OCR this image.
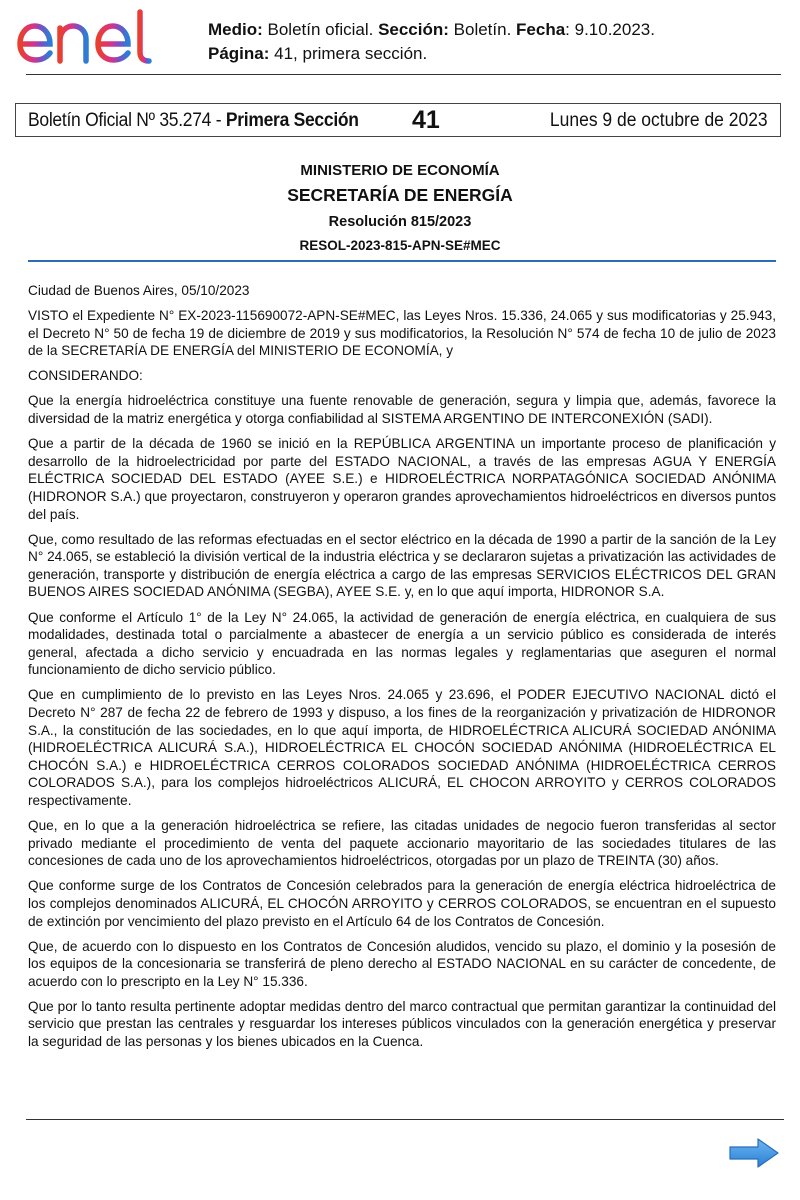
Medio: Boletín oficial. Sección: Boletín. Fecha: 9.10.2023.
Página: 41, primera sección.
Boletín Oficial Nº 35.274 - Primera Sección 41	Lunes 9 de octubre de 2023
MINISTERIO DE ECONOMÍA
SECRETARÍA DE ENERGÍA
Resolución 815/2023
RESOL-2023-815-APN-SE#MEC

Ciudad de Buenos Aires, 05/10/2023

VISTO el Expediente N° EX-2023-115690072-APN-SE#MEC, las Leyes Nros. 15.336, 24.065 y sus modificatorias y 25.943, el Decreto N° 50 de fecha 19 de diciembre de 2019 y sus modificatorios, la Resolución N° 574 de fecha 10 de julio de 2023 de la SECRETARÍA DE ENERGÍA del MINISTERIO DE ECONOMÍA, y

CONSIDERANDO:

Que la energía hidroeléctrica constituye una fuente renovable de generación, segura y limpia que, además, favorece la diversidad de la matriz energética y otorga confiabilidad al SISTEMA ARGENTINO DE INTERCONEXIÓN (SADI).

Que a partir de la década de 1960 se inició en la REPÚBLICA ARGENTINA un importante proceso de planificación y desarrollo de la hidroelectricidad por parte del ESTADO NACIONAL, a través de las empresas AGUA Y ENERGÍA ELÉCTRICA SOCIEDAD DEL ESTADO (AYEE S.E.) e HIDROELÉCTRICA NORPATAGÓNICA SOCIEDAD ANÓNIMA (HIDRONOR S.A.) que proyectaron, construyeron y operaron grandes aprovechamientos hidroeléctricos en diversos puntos del país.

Que, como resultado de las reformas efectuadas en el sector eléctrico en la década de 1990 a partir de la sanción de la Ley N° 24.065, se estableció la división vertical de la industria eléctrica y se declararon sujetas a privatización las actividades de generación, transporte y distribución de energía eléctrica a cargo de las empresas SERVICIOS ELÉCTRICOS DEL GRAN BUENOS AIRES SOCIEDAD ANÓNIMA (SEGBA), AYEE S.E. y, en lo que aquí importa, HIDRONOR S.A.

Que conforme el Artículo 1° de la Ley N° 24.065, la actividad de generación de energía eléctrica, en cualquiera de sus modalidades, destinada total o parcialmente a abastecer de energía a un servicio público es considerada de interés general, afectada a dicho servicio y encuadrada en las normas legales y reglamentarias que aseguren el normal funcionamiento de dicho servicio público.

Que en cumplimiento de lo previsto en las Leyes Nros. 24.065 y 23.696, el PODER EJECUTIVO NACIONAL dictó el Decreto N° 287 de fecha 22 de febrero de 1993 y dispuso, a los fines de la reorganización y privatización de HIDRONOR S.A., la constitución de las sociedades, en lo que aquí importa, de HIDROELÉCTRICA ALICURÁ SOCIEDAD ANÓNIMA (HIDROELÉCTRICA ALICURÁ S.A.), HIDROELÉCTRICA EL CHOCÓN SOCIEDAD ANÓNIMA (HIDROELÉCTRICA EL CHOCÓN S.A.) e HIDROELÉCTRICA CERROS COLORADOS SOCIEDAD ANÓNIMA (HIDROELÉCTRICA CERROS COLORADOS S.A.), para los complejos hidroeléctricos ALICURÁ, EL CHOCON ARROYITO y CERROS COLORADOS respectivamente.

Que, en lo que a la generación hidroeléctrica se refiere, las citadas unidades de negocio fueron transferidas al sector privado mediante el procedimiento de venta del paquete accionario mayoritario de las sociedades titulares de las concesiones de cada uno de los aprovechamientos hidroeléctricos, otorgadas por un plazo de TREINTA (30) años.

Que conforme surge de los Contratos de Concesión celebrados para la generación de energía eléctrica hidroeléctrica de los complejos denominados ALICURÁ, EL CHOCÓN ARROYITO y CERROS COLORADOS, se encuentran en el supuesto de extinción por vencimiento del plazo previsto en el Artículo 64 de los Contratos de Concesión.

Que, de acuerdo con lo dispuesto en los Contratos de Concesión aludidos, vencido su plazo, el dominio y la posesión de los equipos de la concesionaria se transferirá de pleno derecho al ESTADO NACIONAL en su carácter de concedente, de acuerdo con lo prescripto en la Ley N° 15.336.

Que por lo tanto resulta pertinente adoptar medidas dentro del marco contractual que permitan garantizar la continuidad del servicio que prestan las centrales y resguardar los intereses públicos vinculados con la generación energética y preservar la seguridad de las personas y los bienes ubicados en la Cuenca.
